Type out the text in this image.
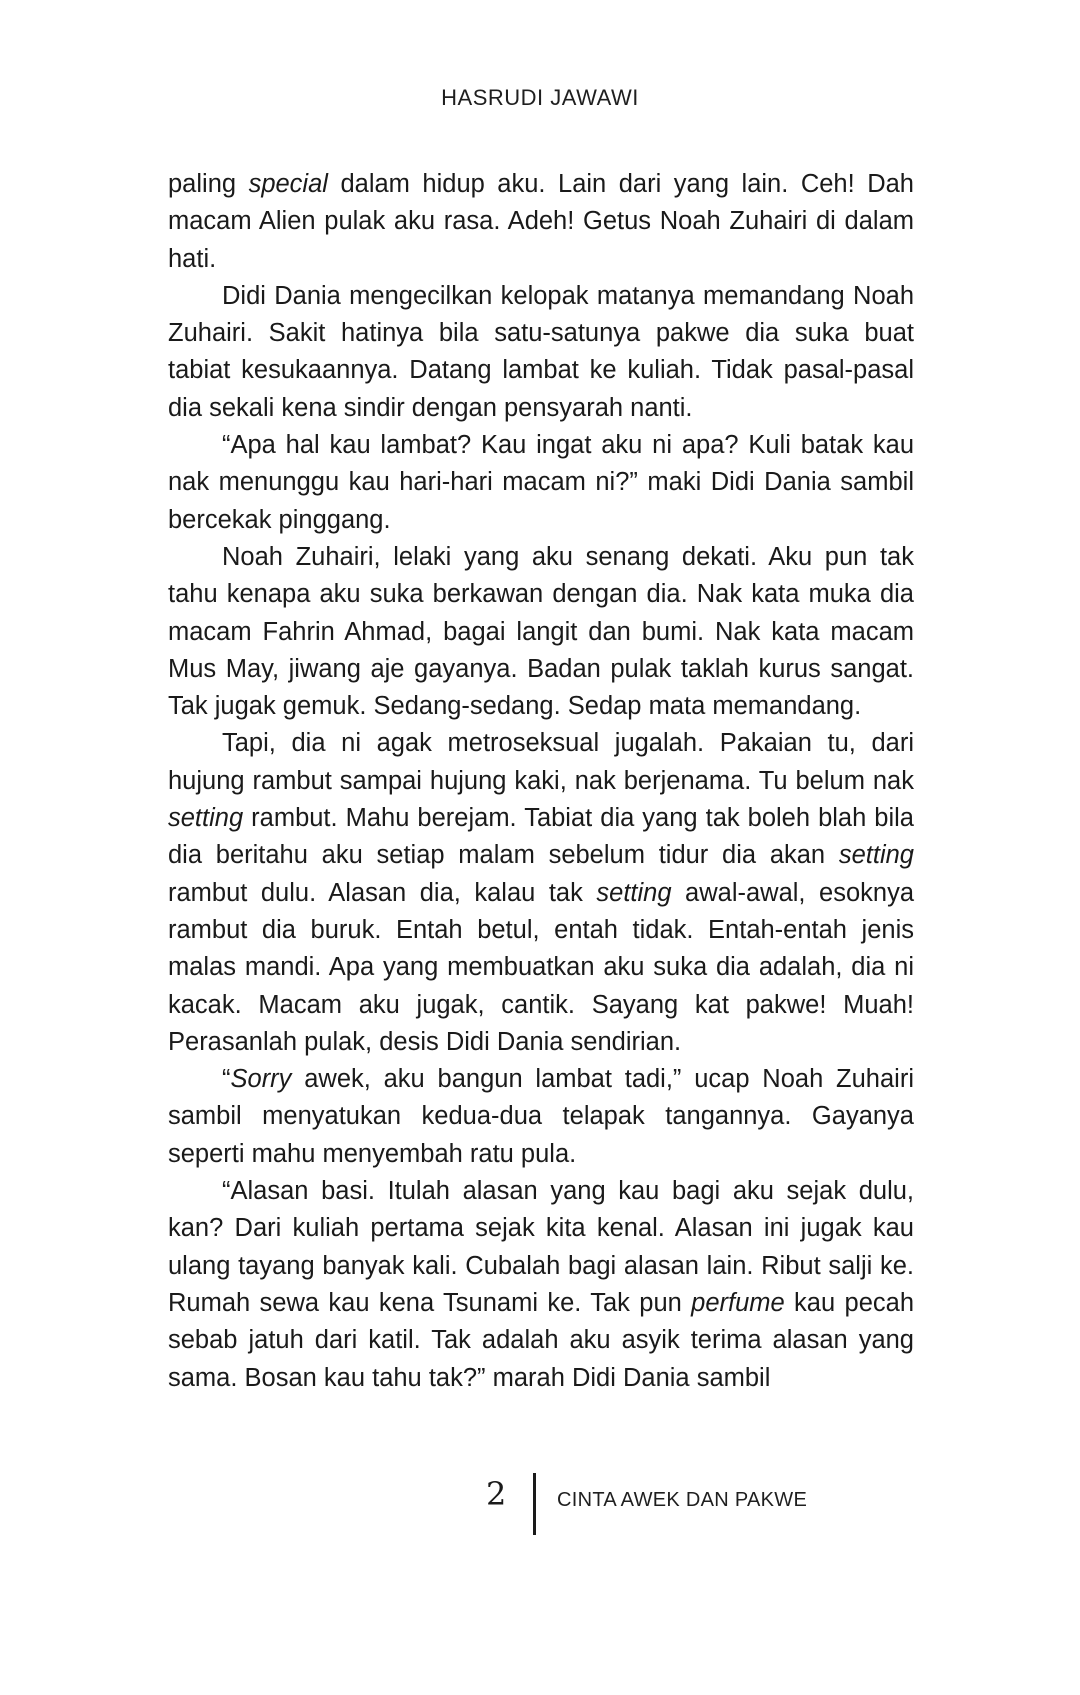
HASRUDI JAWAWI

paling special dalam hidup aku. Lain dari yang lain. Ceh! Dah macam Alien pulak aku rasa. Adeh! Getus Noah Zuhairi di dalam hati.

Didi Dania mengecilkan kelopak matanya memandang Noah Zuhairi. Sakit hatinya bila satu-satunya pakwe dia suka buat tabiat kesukaannya. Datang lambat ke kuliah. Tidak pasal-pasal dia sekali kena sindir dengan pensyarah nanti.

“Apa hal kau lambat? Kau ingat aku ni apa? Kuli batak kau nak menunggu kau hari-hari macam ni?” maki Didi Dania sambil bercekak pinggang.

Noah Zuhairi, lelaki yang aku senang dekati. Aku pun tak tahu kenapa aku suka berkawan dengan dia. Nak kata muka dia macam Fahrin Ahmad, bagai langit dan bumi. Nak kata macam Mus May, jiwang aje gayanya. Badan pulak taklah kurus sangat. Tak jugak gemuk. Sedang-sedang. Sedap mata memandang.

Tapi, dia ni agak metroseksual jugalah. Pakaian tu, dari hujung rambut sampai hujung kaki, nak berjenama. Tu belum nak setting rambut. Mahu berejam. Tabiat dia yang tak boleh blah bila dia beritahu aku setiap malam sebelum tidur dia akan setting rambut dulu. Alasan dia, kalau tak setting awal-awal, esoknya rambut dia buruk. Entah betul, entah tidak. Entah-entah jenis malas mandi. Apa yang membuatkan aku suka dia adalah, dia ni kacak. Macam aku jugak, cantik. Sayang kat pakwe! Muah! Perasanlah pulak, desis Didi Dania sendirian.

“Sorry awek, aku bangun lambat tadi,” ucap Noah Zuhairi sambil menyatukan kedua-dua telapak tangannya. Gayanya seperti mahu menyembah ratu pula.

“Alasan basi. Itulah alasan yang kau bagi aku sejak dulu, kan? Dari kuliah pertama sejak kita kenal. Alasan ini jugak kau ulang tayang banyak kali. Cubalah bagi alasan lain. Ribut salji ke. Rumah sewa kau kena Tsunami ke. Tak pun perfume kau pecah sebab jatuh dari katil. Tak adalah aku asyik terima alasan yang sama. Bosan kau tahu tak?” marah Didi Dania sambil

2	CINTA AWEK DAN PAKWE
